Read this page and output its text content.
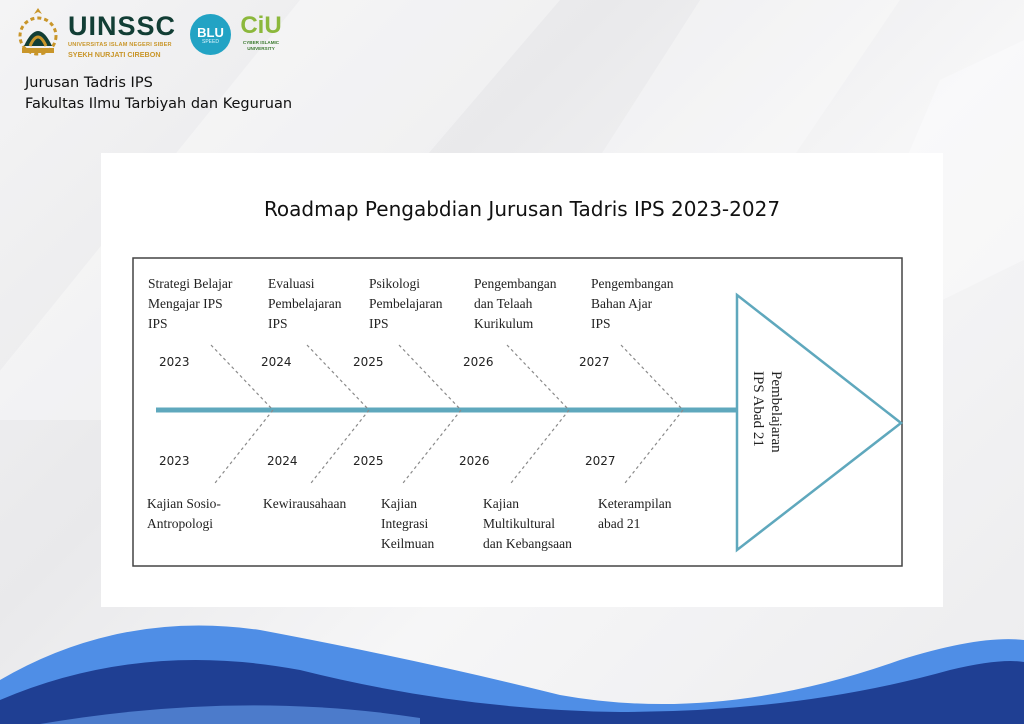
UINSSC
UNIVERSITAS ISLAM NEGERI SIBER
SYEKH NURJATI CIREBON
BLU
SPEED
CiU
CYBER ISLAMIC
UNIVERSITY
Jurusan Tadris IPS
Fakultas Ilmu Tarbiyah dan Keguruan
Roadmap Pengabdian Jurusan Tadris IPS 2023-2027
2023
Strategi Belajar
Mengajar IPS
IPS
2024
Evaluasi
Pembelajaran
IPS
2025
Psikologi
Pembelajaran
IPS
2026
Pengembangan
dan Telaah
Kurikulum
2027
Pengembangan
Bahan Ajar
IPS
2023
Kajian Sosio-
Antropologi
2024
Kewirausahaan
2025
Kajian
Integrasi
Keilmuan
2026
Kajian
Multikultural
dan Kebangsaan
2027
Keterampilan
abad 21
Pembelajaran
IPS Abad 21
